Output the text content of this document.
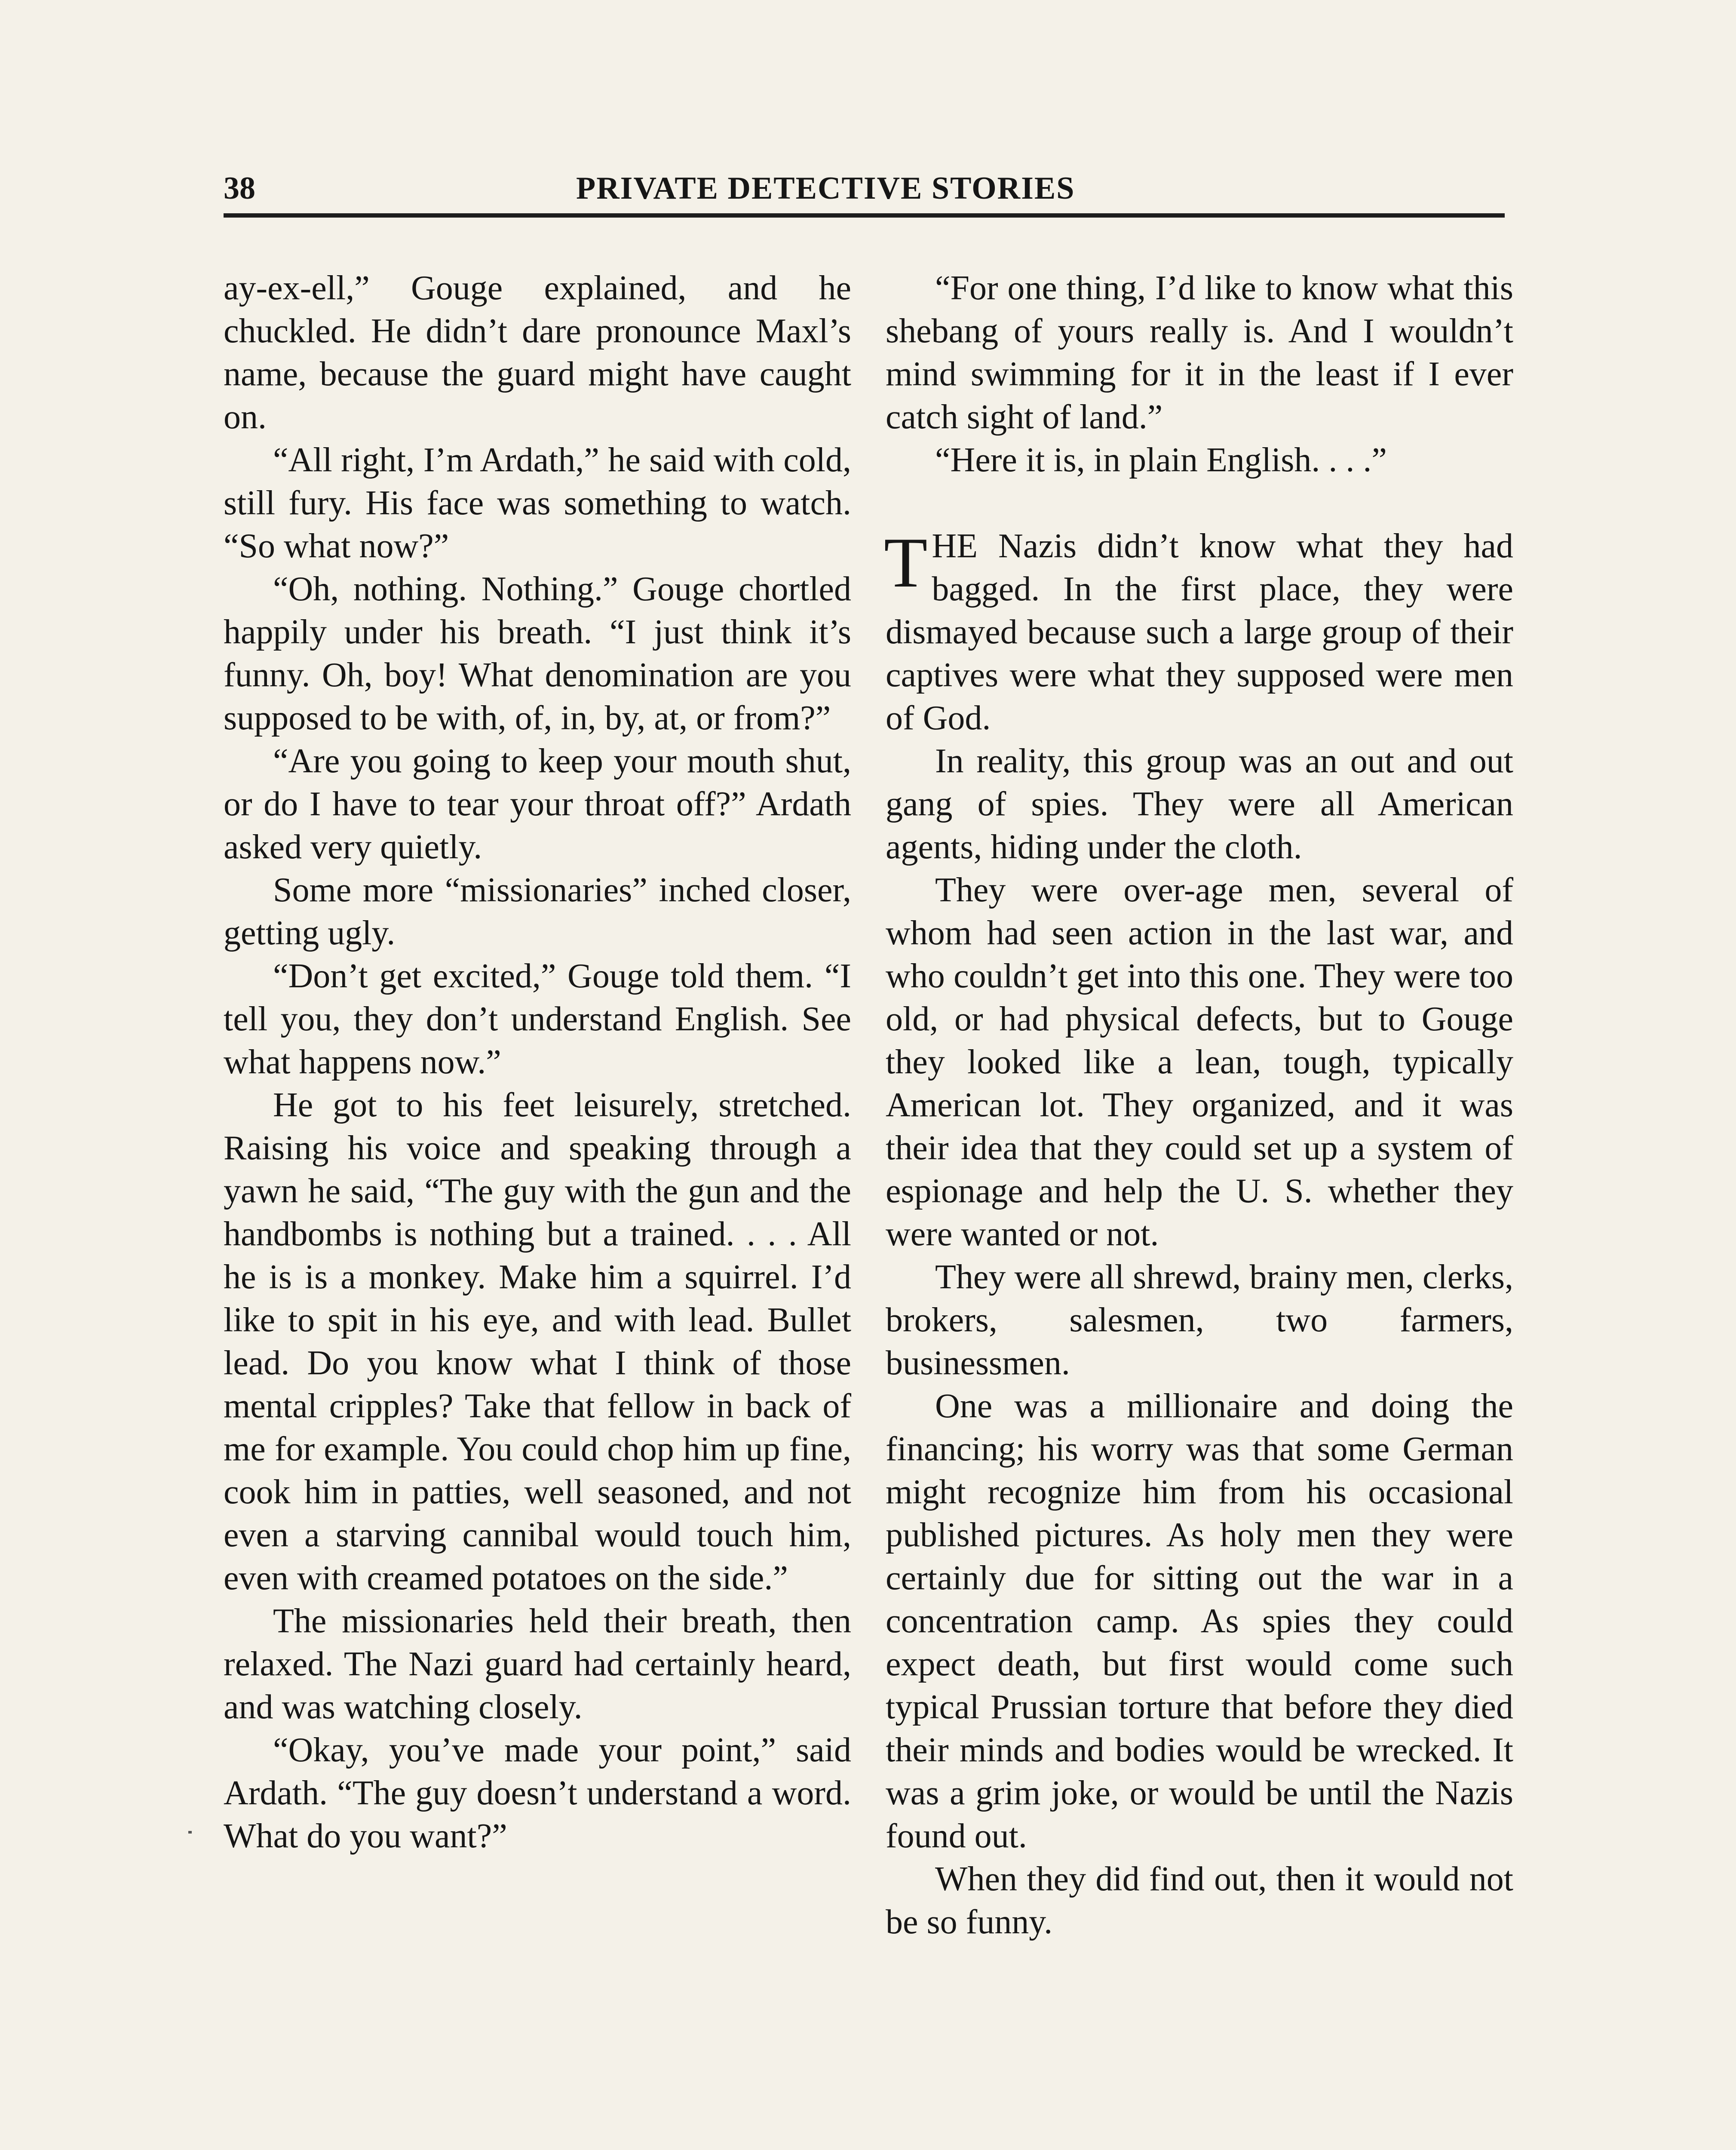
38	PRIVATE DETECTIVE STORIES

ay-ex-ell,” Gouge explained, and he chuckled. He didn’t dare pronounce Maxl’s name, because the guard might have caught on.

“All right, I’m Ardath,” he said with cold, still fury. His face was something to watch. “So what now?”

“Oh, nothing. Nothing.” Gouge chortled happily under his breath. “I just think it’s funny. Oh, boy! What denomination are you supposed to be with, of, in, by, at, or from?”

“Are you going to keep your mouth shut, or do I have to tear your throat off?” Ardath asked very quietly.

Some more “missionaries” inched closer, getting ugly.

“Don’t get excited,” Gouge told them. “I tell you, they don’t understand English. See what happens now.”

He got to his feet leisurely, stretched. Raising his voice and speaking through a yawn he said, “The guy with the gun and the handbombs is nothing but a trained. . . . All he is is a monkey. Make him a squirrel. I’d like to spit in his eye, and with lead. Bullet lead. Do you know what I think of those mental cripples? Take that fellow in back of me for example. You could chop him up fine, cook him in patties, well seasoned, and not even a starving cannibal would touch him, even with creamed potatoes on the side.”

The missionaries held their breath, then relaxed. The Nazi guard had certainly heard, and was watching closely.

“Okay, you’ve made your point,” said Ardath. “The guy doesn’t understand a word. What do you want?”

“For one thing, I’d like to know what this shebang of yours really is. And I wouldn’t mind swimming for it in the least if I ever catch sight of land.”

“Here it is, in plain English. . . .”

THE Nazis didn’t know what they had bagged. In the first place, they were dismayed because such a large group of their captives were what they supposed were men of God.

In reality, this group was an out and out gang of spies. They were all American agents, hiding under the cloth.

They were over-age men, several of whom had seen action in the last war, and who couldn’t get into this one. They were too old, or had physical defects, but to Gouge they looked like a lean, tough, typically American lot. They organized, and it was their idea that they could set up a system of espionage and help the U. S. whether they were wanted or not.

They were all shrewd, brainy men, clerks, brokers, salesmen, two farmers, businessmen.

One was a millionaire and doing the financing; his worry was that some German might recognize him from his occasional published pictures. As holy men they were certainly due for sitting out the war in a concentration camp. As spies they could expect death, but first would come such typical Prussian torture that before they died their minds and bodies would be wrecked. It was a grim joke, or would be until the Nazis found out.

When they did find out, then it would not be so funny.
